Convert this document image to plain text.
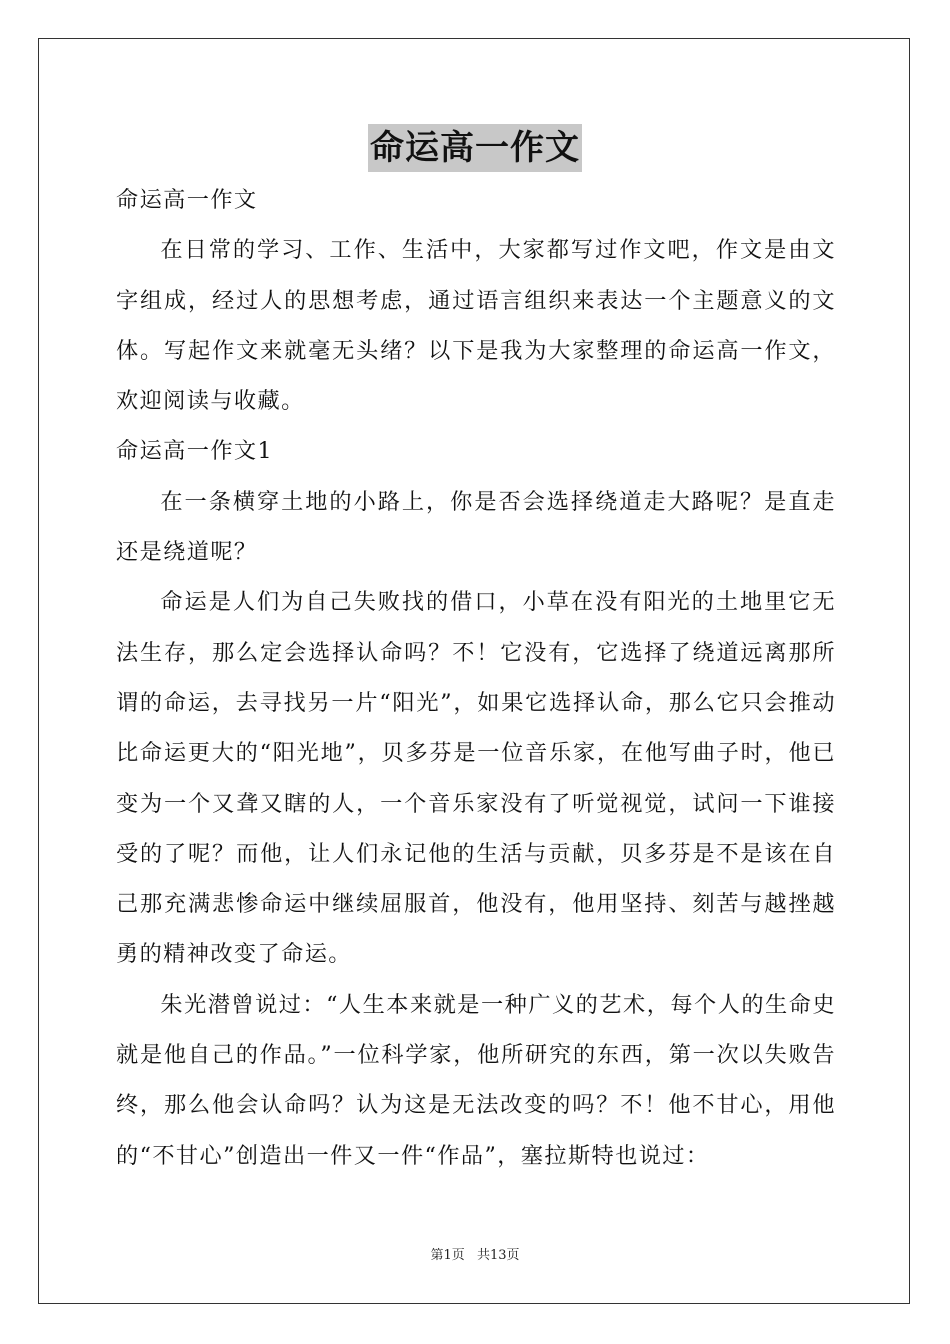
命运高一作文

命运高一作文

在日常的学习、工作、生活中，大家都写过作文吧，作文是由文字组成，经过人的思想考虑，通过语言组织来表达一个主题意义的文体。写起作文来就毫无头绪？以下是我为大家整理的命运高一作文，欢迎阅读与收藏。

命运高一作文1

在一条横穿土地的小路上，你是否会选择绕道走大路呢？是直走还是绕道呢？

命运是人们为自己失败找的借口，小草在没有阳光的土地里它无法生存，那么定会选择认命吗？不！它没有，它选择了绕道远离那所谓的命运，去寻找另一片“阳光”，如果它选择认命，那么它只会推动比命运更大的“阳光地”，贝多芬是一位音乐家，在他写曲子时，他已变为一个又聋又瞎的人，一个音乐家没有了听觉视觉，试问一下谁接受的了呢？而他，让人们永记他的生活与贡献，贝多芬是不是该在自己那充满悲惨命运中继续屈服首，他没有，他用坚持、刻苦与越挫越勇的精神改变了命运。

朱光潜曾说过：“人生本来就是一种广义的艺术，每个人的生命史就是他自己的作品。”一位科学家，他所研究的东西，第一次以失败告终，那么他会认命吗？认为这是无法改变的吗？不！他不甘心，用他的“不甘心”创造出一件又一件“作品”，塞拉斯特也说过：

第1页 共13页
